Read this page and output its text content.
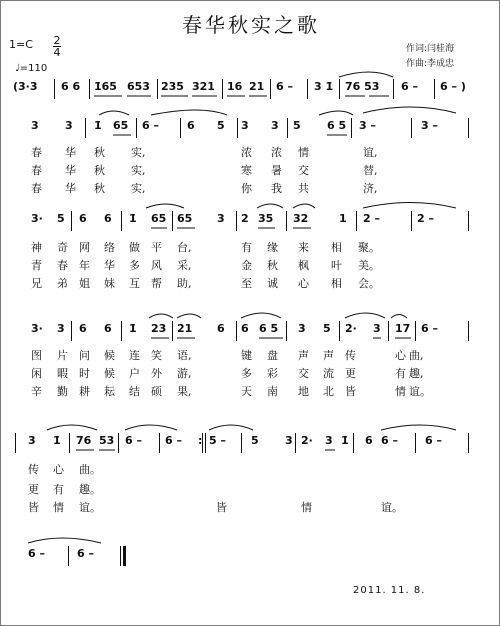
春华秋实之歌
1=C 2
4
♩=110
作词:闫桂海
作曲:李成忠
(3·3 6 6 1̇65 653 235 321 16 21 6 – 3 1̇ 76 53 6 – 6 – )
3 3 1̇ 65 6 –	6 5 3 3 5 6 5 3 –	3 –
春 华 秋 实,	浓 浓 情	谊,
春 华 秋 实,	寒 暑 交	替,
春 华 秋 实,	你 我 共	济,
3· 5 6 6 1̇ 65 65 3 2 35 32	1 2 –	2 –
神 奇 网 络 做 平 台,	有 缘 来 相 聚。
青 春 年 华 多 风 采,	金 秋 枫 叶 美。
兄 弟 姐 妹 互 帮 助,	至 诚 心 相 会。
3· 3 6 6 1̇ 23 21 6 6 6 5 3 5 2· 3 17 6 –
图 片 问 候 连 笑 语,	键 盘 声 声 传	心 曲,
闲 暇 时 候 户 外 游,	多 彩 交 流 更	有 趣,
辛 勤 耕 耘 结 硕 果,	天 南 地 北 皆	情 谊。
3 1̇ 76 53 6 – 6 – : 5 – 5 3 2· 3 1̇ 6 6 – 6 –
传 心 曲。
更 有 趣。
皆 情 谊。	皆	情	谊。
6 –	6 –
2011. 11. 8.
